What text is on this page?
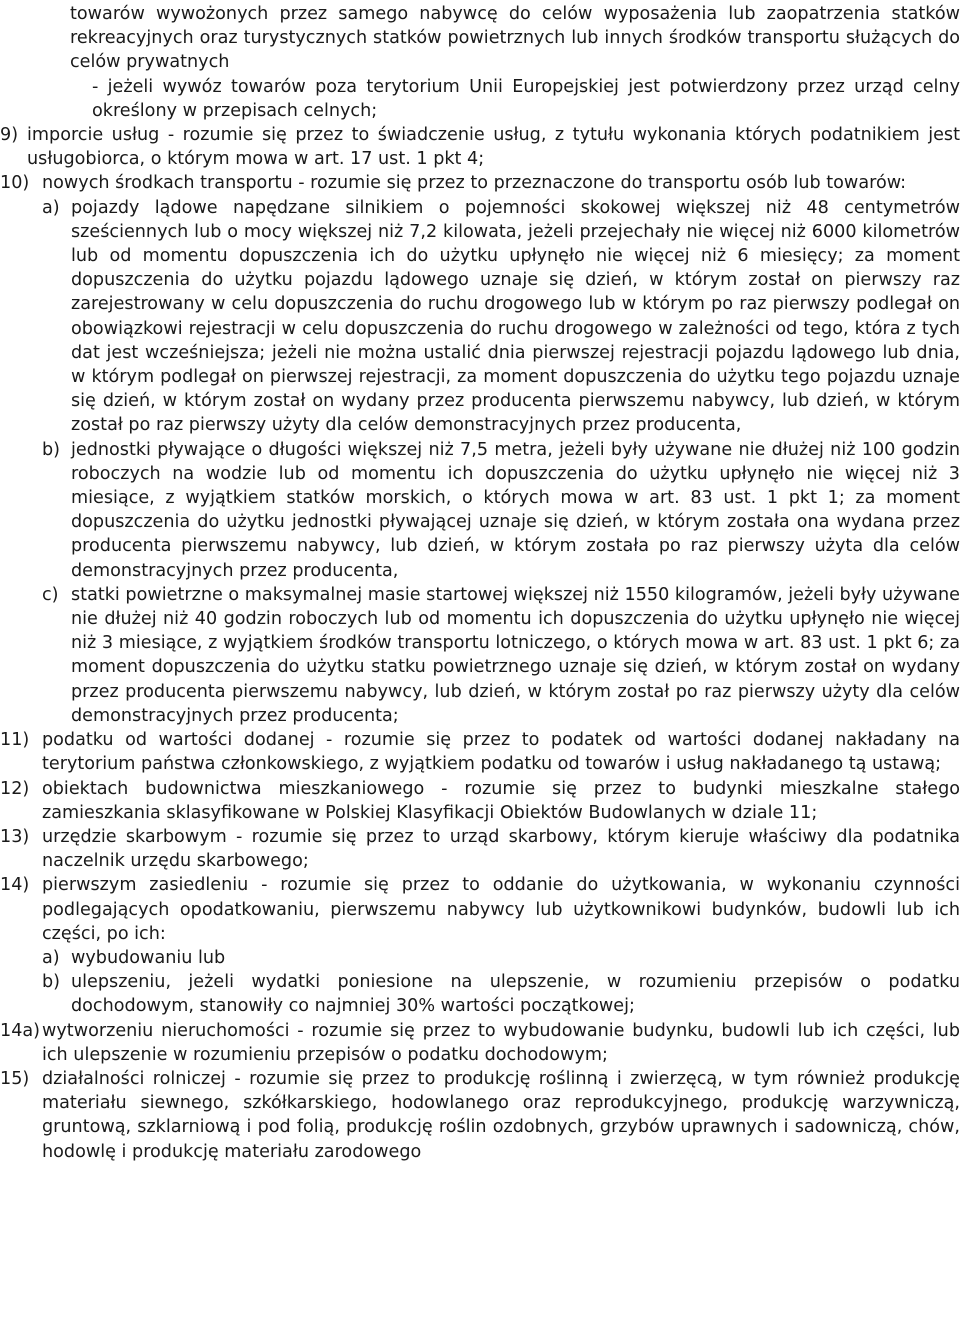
towarów wywożonych przez samego nabywcę do celów wyposażenia lub zaopatrzenia statków rekreacyjnych oraz turystycznych statków powietrznych lub innych środków transportu służących do celów prywatnych
- jeżeli wywóz towarów poza terytorium Unii Europejskiej jest potwierdzony przez urząd celny określony w przepisach celnych;
9) imporcie usług - rozumie się przez to świadczenie usług, z tytułu wykonania których podatnikiem jest usługobiorca, o którym mowa w art. 17 ust. 1 pkt 4;
10) nowych środkach transportu - rozumie się przez to przeznaczone do transportu osób lub towarów:
a) pojazdy lądowe napędzane silnikiem o pojemności skokowej większej niż 48 centymetrów sześciennych lub o mocy większej niż 7,2 kilowata, jeżeli przejechały nie więcej niż 6000 kilometrów lub od momentu dopuszczenia ich do użytku upłynęło nie więcej niż 6 miesięcy; za moment dopuszczenia do użytku pojazdu lądowego uznaje się dzień, w którym został on pierwszy raz zarejestrowany w celu dopuszczenia do ruchu drogowego lub w którym po raz pierwszy podlegał on obowiązkowi rejestracji w celu dopuszczenia do ruchu drogowego w zależności od tego, która z tych dat jest wcześniejsza; jeżeli nie można ustalić dnia pierwszej rejestracji pojazdu lądowego lub dnia, w którym podlegał on pierwszej rejestracji, za moment dopuszczenia do użytku tego pojazdu uznaje się dzień, w którym został on wydany przez producenta pierwszemu nabywcy, lub dzień, w którym został po raz pierwszy użyty dla celów demonstracyjnych przez producenta,
b) jednostki pływające o długości większej niż 7,5 metra, jeżeli były używane nie dłużej niż 100 godzin roboczych na wodzie lub od momentu ich dopuszczenia do użytku upłynęło nie więcej niż 3 miesiące, z wyjątkiem statków morskich, o których mowa w art. 83 ust. 1 pkt 1; za moment dopuszczenia do użytku jednostki pływającej uznaje się dzień, w którym została ona wydana przez producenta pierwszemu nabywcy, lub dzień, w którym została po raz pierwszy użyta dla celów demonstracyjnych przez producenta,
c) statki powietrzne o maksymalnej masie startowej większej niż 1550 kilogramów, jeżeli były używane nie dłużej niż 40 godzin roboczych lub od momentu ich dopuszczenia do użytku upłynęło nie więcej niż 3 miesiące, z wyjątkiem środków transportu lotniczego, o których mowa w art. 83 ust. 1 pkt 6; za moment dopuszczenia do użytku statku powietrznego uznaje się dzień, w którym został on wydany przez producenta pierwszemu nabywcy, lub dzień, w którym został po raz pierwszy użyty dla celów demonstracyjnych przez producenta;
11) podatku od wartości dodanej - rozumie się przez to podatek od wartości dodanej nakładany na terytorium państwa członkowskiego, z wyjątkiem podatku od towarów i usług nakładanego tą ustawą;
12) obiektach budownictwa mieszkaniowego - rozumie się przez to budynki mieszkalne stałego zamieszkania sklasyfikowane w Polskiej Klasyfikacji Obiektów Budowlanych w dziale 11;
13) urzędzie skarbowym - rozumie się przez to urząd skarbowy, którym kieruje właściwy dla podatnika naczelnik urzędu skarbowego;
14) pierwszym zasiedleniu - rozumie się przez to oddanie do użytkowania, w wykonaniu czynności podlegających opodatkowaniu, pierwszemu nabywcy lub użytkownikowi budynków, budowli lub ich części, po ich:
a) wybudowaniu lub
b) ulepszeniu, jeżeli wydatki poniesione na ulepszenie, w rozumieniu przepisów o podatku dochodowym, stanowiły co najmniej 30% wartości początkowej;
14a) wytworzeniu nieruchomości - rozumie się przez to wybudowanie budynku, budowli lub ich części, lub ich ulepszenie w rozumieniu przepisów o podatku dochodowym;
15) działalności rolniczej - rozumie się przez to produkcję roślinną i zwierzęcą, w tym również produkcję materiału siewnego, szkółkarskiego, hodowlanego oraz reprodukcyjnego, produkcję warzywniczą, gruntową, szklarniową i pod folią, produkcję roślin ozdobnych, grzybów uprawnych i sadowniczą, chów, hodowlę i produkcję materiału zarodowego
